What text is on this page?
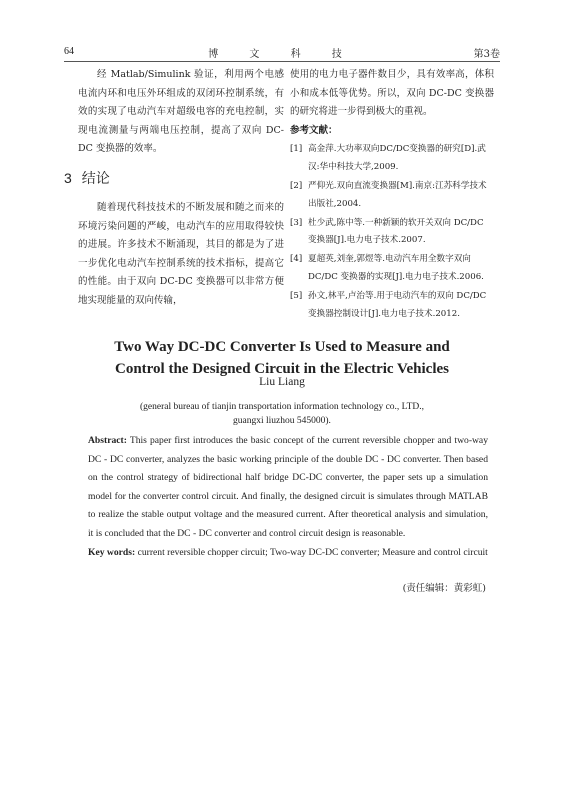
64	博 文 科 技	第3卷

经 Matlab/Simulink 验证，利用两个电感电流内环和电压外环组成的双闭环控制系统，有效的实现了电动汽车对超级电容的充电控制，实现电流测量与两端电压控制，提高了双向 DC-DC 变换器的效率。

3 结论

随着现代科技技术的不断发展和随之而来的环境污染问题的严峻，电动汽车的应用取得较快的进展。许多技术不断涌现，其目的都是为了进一步优化电动汽车控制系统的技术指标，提高它的性能。由于双向 DC-DC 变换器可以非常方便地实现能量的双向传输，

使用的电力电子器件数目少，具有效率高，体积小和成本低等优势。所以，双向 DC-DC 变换器的研究将进一步得到极大的重视。

参考文献：

[1] 高金萍.大功率双向DC/DC变换器的研究[D].武汉:华中科技大学,2009.
[2] 严仰光.双向直流变换器[M].南京:江苏科学技术出版社,2004.
[3] 杜少武,陈中等.一种新颖的软开关双向 DC/DC 变换器[J].电力电子技术.2007.
[4] 夏超英,刘奎,郭煜等.电动汽车用全数字双向 DC/DC 变换器的实现[J].电力电子技术.2006.
[5] 孙文,林平,卢治等.用于电动汽车的双向 DC/DC 变换器控制设计[J].电力电子技术.2012.
Two Way DC-DC Converter Is Used to Measure and
Control the Designed Circuit in the Electric Vehicles
Liu Liang
(general bureau of tianjin transportation information technology co., LTD.,
guangxi liuzhou 545000).
Abstract: This paper first introduces the basic concept of the current reversible chopper and two-way DC - DC converter, analyzes the basic working principle of the double DC - DC converter. Then based on the control strategy of bidirectional half bridge DC-DC converter, the paper sets up a simulation model for the converter control circuit. And finally, the designed circuit is simulates through MATLAB to realize the stable output voltage and the measured current. After theoretical analysis and simulation, it is concluded that the DC - DC converter and control circuit design is reasonable.
Key words: current reversible chopper circuit; Two-way DC-DC converter; Measure and control circuit
(责任编辑：黄彩虹)
